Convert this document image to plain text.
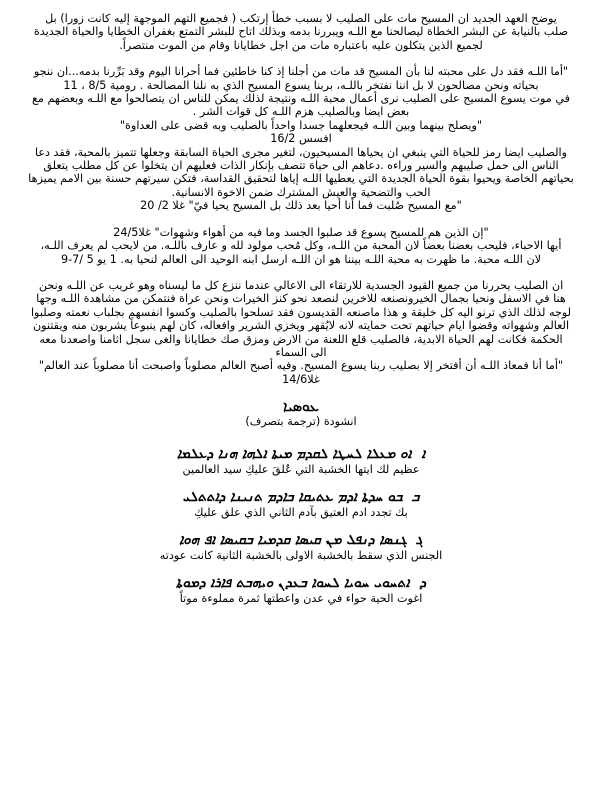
يوضح العهد الجديد ان المسيح مات على الصليب لا بسبب خطأ إرتكب ( فجميع التهم الموجهة إليه كانت زورا) بل
صلب بالنيابة عن البشر الخطاة ليصالحنا مع اللـه ويبررنا بدمه وبذلك اتاح للبشر التمتع بغفران الخطايا والحياة الجديدة
لجميع الذين يتكلون عليه باعتباره مات من اجل خطايانا وقام من الموت منتصراً.
"أما اللـه فقد دل على محبته لنا بأن المسيح قد مات من أجلنا إذ كنا خاطئين فما أحرانا اليوم وقد بَرِّرنا بدمه...ان ننجو
بحياته ونحن مصالحون لا بل اننا نفتخر باللـه، بربنا يسوع المسيح الذي به نلنا المصالحة . رومية 8/5 ، 11
في موت يسوع المسيح على الصليب نرى أعمال محبة اللـه ونتيجة لذلك يمكن للناس ان يتصالحوا مع اللـه وبعضهم مع
بعض ايضا وبالصليب هزم اللـه كل قوات الشر .
"ويصلح بينهما وبين اللـه فيجعلهما جسدا واحداً بالصليب وبه قضى على العداوة"
افسس 16/2
والصليب ايضا رمز للحياة التي ينبغي ان يحياها المسيحيون، لتغير مجرى الحياة السابقة وجعلها تتميز بالمحبة، فقد دعا
الناس الى حمل صليبهم والسير وراءه .دعاهم الى حياة تتصف بإنكار الذات فعليهم ان يتخلوا عن كل مطلب يتعلق
بحياتهم الخاصة ويحيوا بقوة الحياة الجديدة التي يعطيها اللـه إياها لتحقيق القداسة، فتكن سيرتهم حسنة بين الامم يميزها
الحب والتضحية والعيش المشترك ضمن الاخوة الانسانية.
"مع المسيح صُلبت فما أنا أحيا بعد ذلك بل المسيح يحيا فيّ" غلا 2/ 20
"إن الذين هم للمسيح يسوع قد صلبوا الجسد وما فيه من أهواء وشهوات" غلا24/5
أيها الاحباء، فليحب بعضنا بعضاً لان المحبة من اللـه، وكل مُحب مولود لله و عارف باللـه. من لايحب لم يعرف اللـه،
لان اللـه محبة. ما ظهرت به محبة اللـه بيننا هو ان اللـه ارسل ابنه الوحيد الى العالم لنحيا به. 1 يو 5 /7-9
ان الصليب يحررنا من جميع القيود الجسدية للارتقاء الى الاعالي عندما ننزع كل ما ليسناه وهو غريب عن اللـه ونحن
هنا في الاسفل ونحيا بجمال الخيرونصنعه للاخرين لنصعد نحو كنز الخيرات ونحن عراة فنتمكن من مشاهدة اللـه وجها
لوجه لذلك الذي ترنو اليه كل خليقة و هذا ماصنعه القديسون فقد تسلحوا بالصليب وكسوا انفسهم بجلباب نعمته وصلبوا
العالم وشهواته وقضوا ايام حياتهم تحت حمايته لانه لايُقهر ويخزي الشرير وافعاله، كان لهم ينبوعاً يشربون منه ويقتنون
الحكمة فكانت لهم الحياة الابدية، فالصليب قلع اللعنة من الارض ومزق صك خطايانا والغى سجل اثامنا واصعدنا معه
الى السماء
"أما أنا فمعاذ اللـه أن أفتخر إلا بصليب ربنا يسوع المسيح. وفيه أصبح العالم مصلوباً واصبحت أنا مصلوباً عند العالم"
غلا14/6
ܥܘܣܝܐ
انشودة (ترجمة بتصرف)
ܐܐܘ ܡܥܠܐ ܠܚܛܐ ܠܩܕܡ ܡܝܬܐ ܐܠܗܐ ܗܢܐ ܕܥܠܡܐ
عظيم لك ايتها الخشبة التي عُلقَ عليكِ سيد العالمين
ܒܒܘ ܚܕܬܐ ܐܕܡ ܥܬܝܩܐ ܒܐܕܡ ܬܢܝܢܐ ܕܐܬܬܠܝ
بك تجدد ادم العتيق بآدم الثاني الذي علق عليكِ
ܓܓܢܣܐ ܕܢܦܠ ܡܢ ܩܝܣܐ ܩܕܡܝܐ ܒܩܝܣܐ ܐܦ ܗܘܐ
الجنس الذي سقط بالخشبة الاولى بالخشبة الثانية كانت عودته
ܕܐܬܚܘܝ ܚܘܝܐ ܠܚܘܐ ܒܥܕܢ ܘܝܗܒܬ ܦܐܪܐ ܕܡܘܬܐ
اغوت الحية حواء في عدن واعطتها ثمرة مملوءة موتاً
